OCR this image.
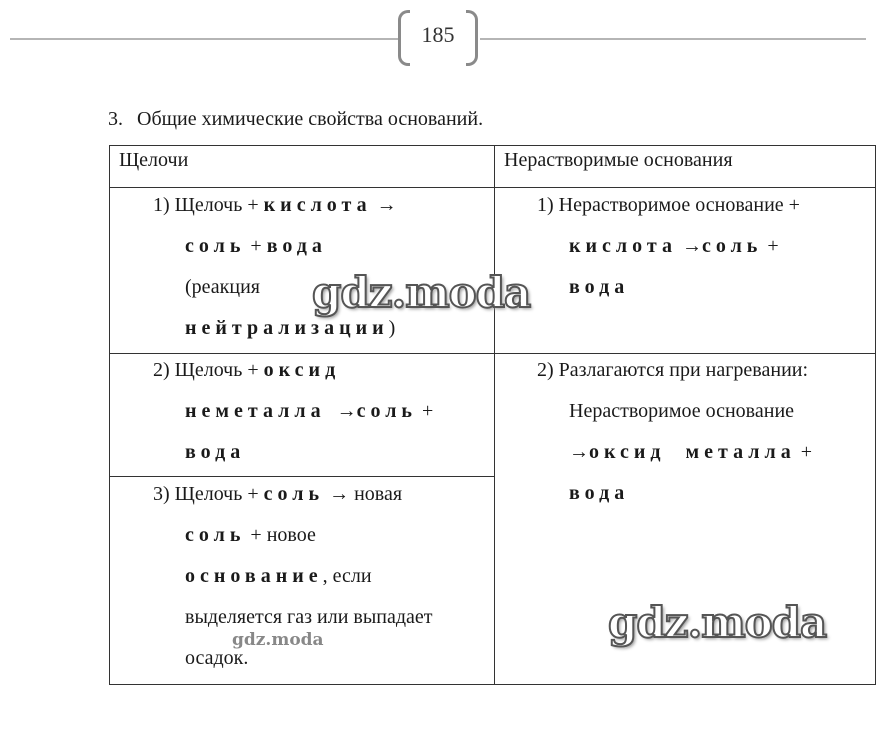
185
3. Общие химические свойства оснований.
Щелочи	Нерастворимые основания
1) Щелочь + кислота →
соль + вода
(реакция
нейтрализации)
2) Щелочь + оксид
неметалла →соль +
вода
3) Щелочь + соль → новая
соль + новое
основание, если
выделяется газ или выпадает
осадок.
1) Нерастворимое основание +
кислота →соль +
вода
2) Разлагаются при нагревании:
Нерастворимое основание
→оксид металла +
вода
gdz.moda
gdz.moda
gdz.moda
